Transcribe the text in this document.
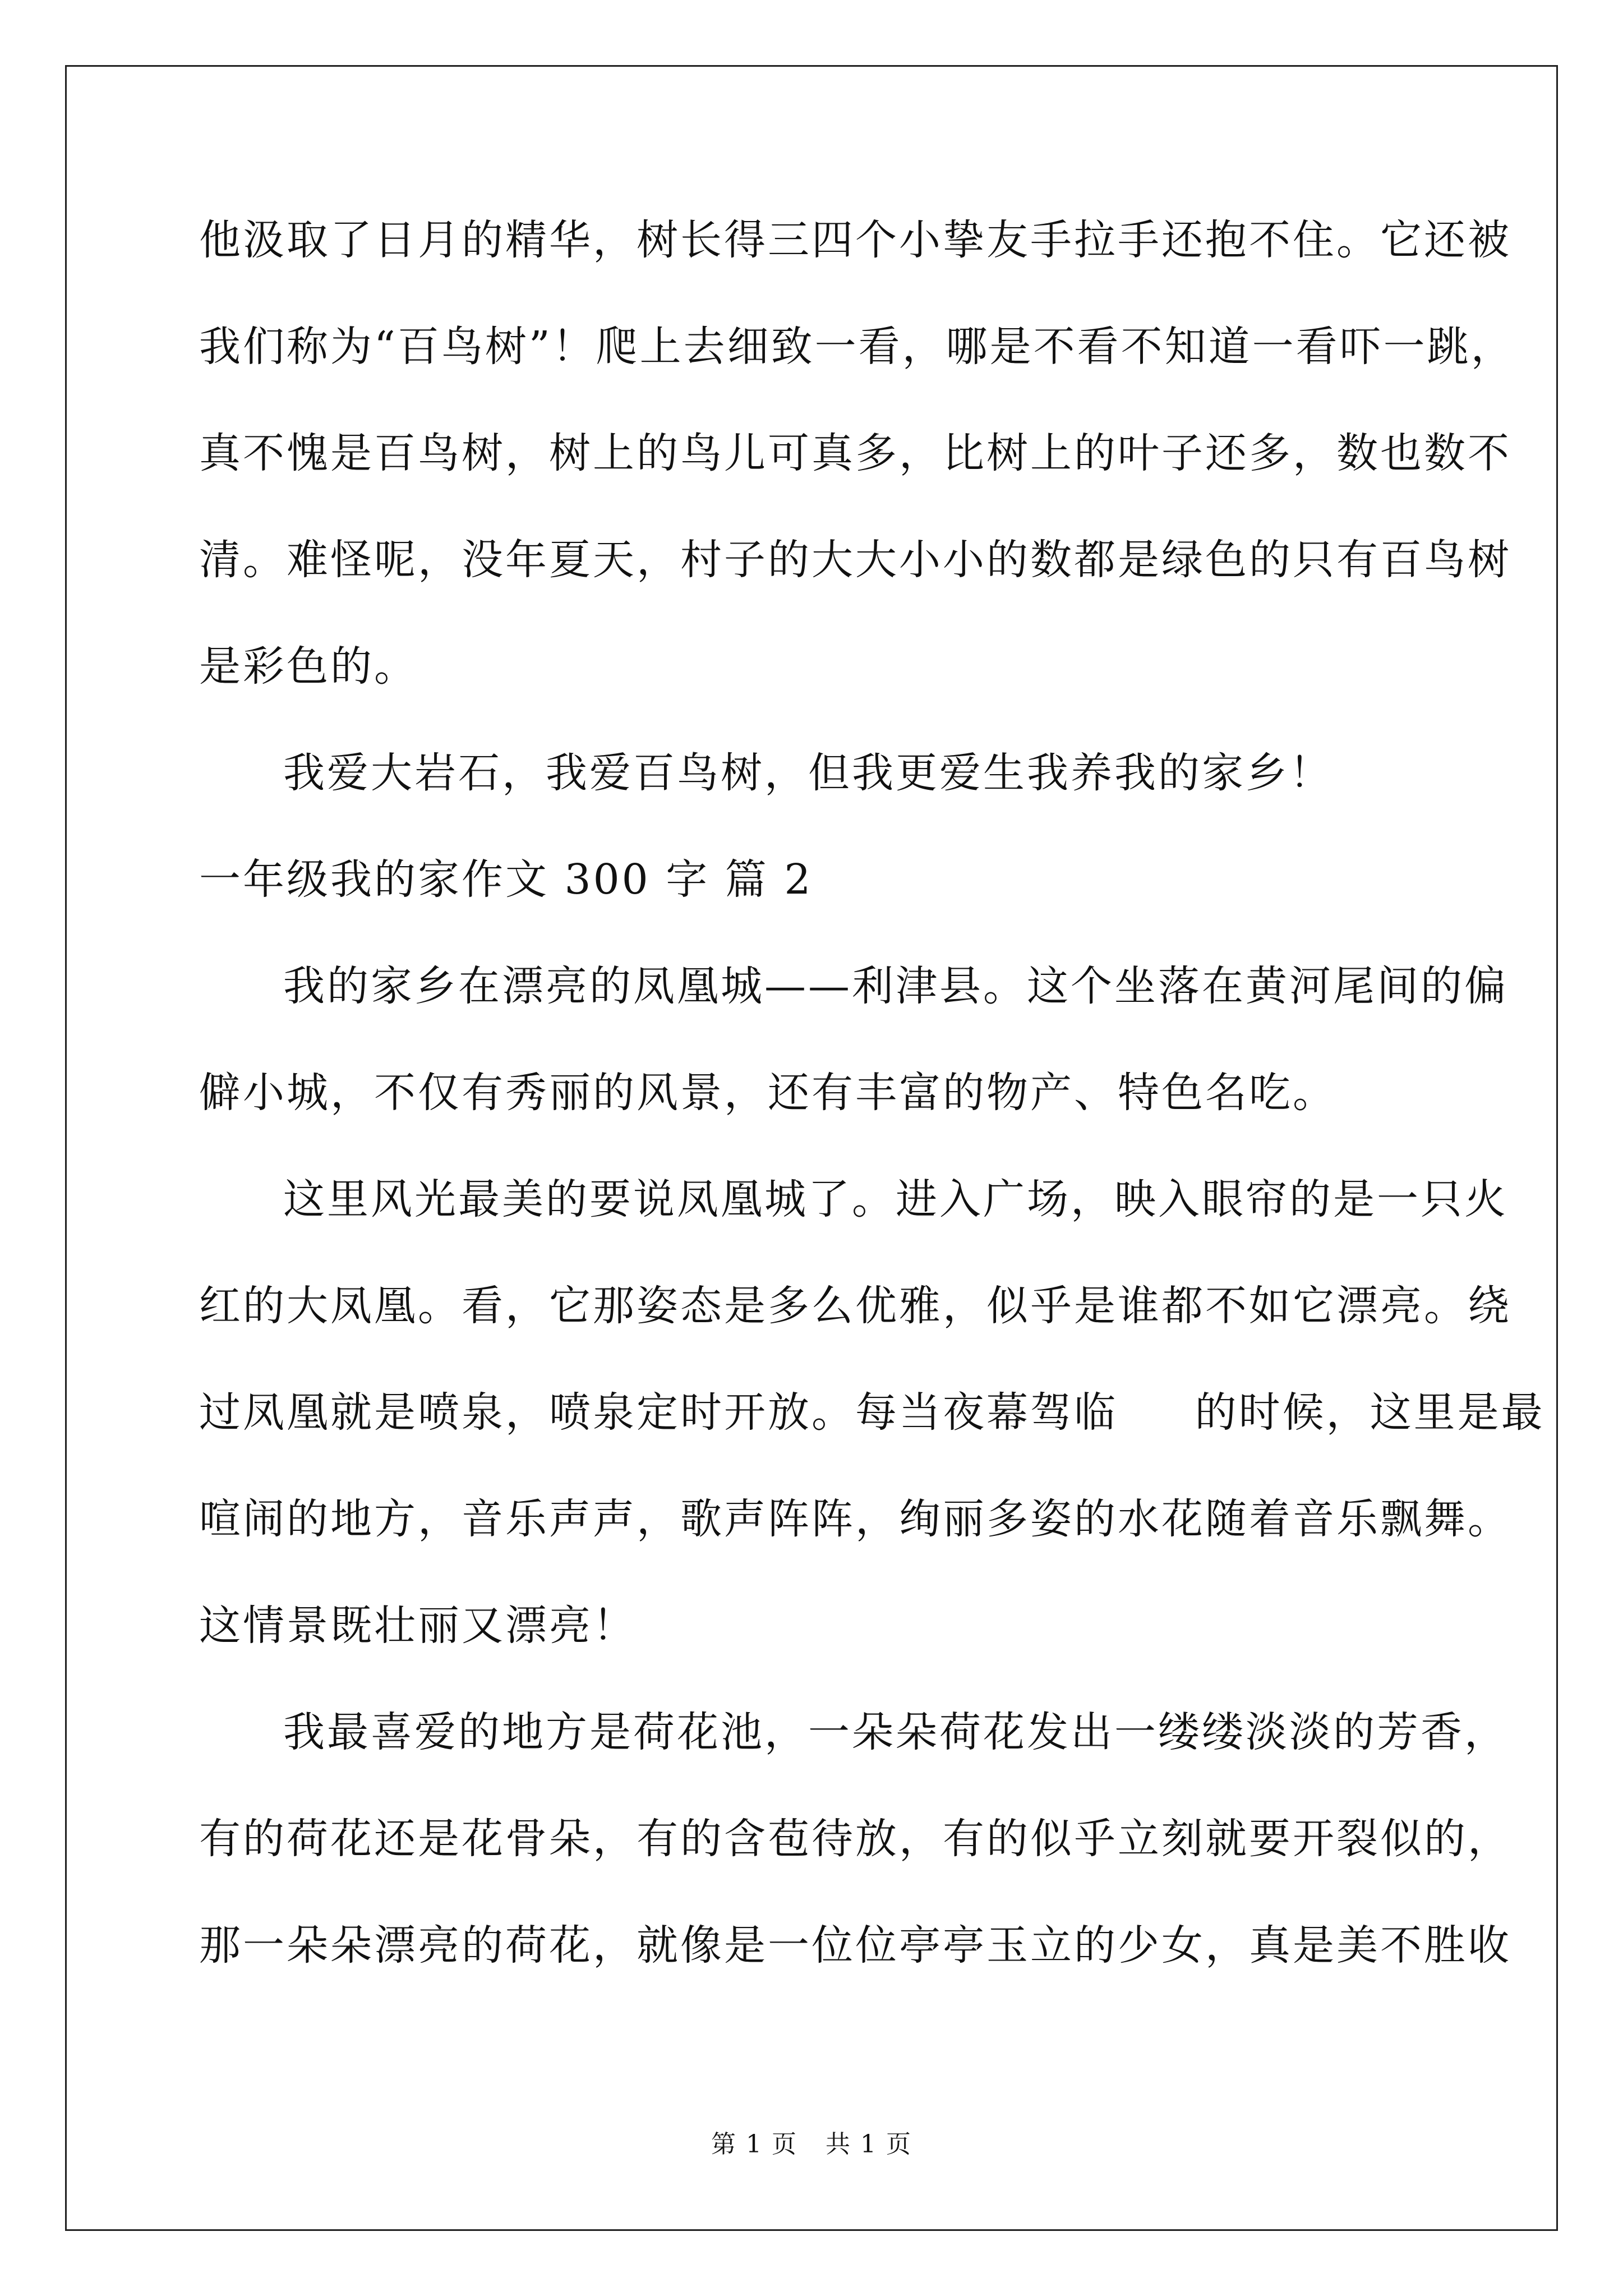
他汲取了日月的精华，树长得三四个小挚友手拉手还抱不住。它还被
我们称为“百鸟树”！爬上去细致一看，哪是不看不知道一看吓一跳，
真不愧是百鸟树，树上的鸟儿可真多，比树上的叶子还多，数也数不
清。难怪呢，没年夏天，村子的大大小小的数都是绿色的只有百鸟树
是彩色的。
我爱大岩石，我爱百鸟树，但我更爱生我养我的家乡！
一年级我的家作文 300 字 篇 2
我的家乡在漂亮的凤凰城——利津县。这个坐落在黄河尾间的偏
僻小城，不仅有秀丽的风景，还有丰富的物产、特色名吃。
这里风光最美的要说凤凰城了。进入广场，映入眼帘的是一只火
红的大凤凰。看，它那姿态是多么优雅，似乎是谁都不如它漂亮。绕
过凤凰就是喷泉，喷泉定时开放。每当夜幕驾临     的时候，这里是最
喧闹的地方，音乐声声，歌声阵阵，绚丽多姿的水花随着音乐飘舞。
这情景既壮丽又漂亮！
我最喜爱的地方是荷花池，一朵朵荷花发出一缕缕淡淡的芳香，
有的荷花还是花骨朵，有的含苞待放，有的似乎立刻就要开裂似的，
那一朵朵漂亮的荷花，就像是一位位亭亭玉立的少女，真是美不胜收
第 1 页 共 1 页
